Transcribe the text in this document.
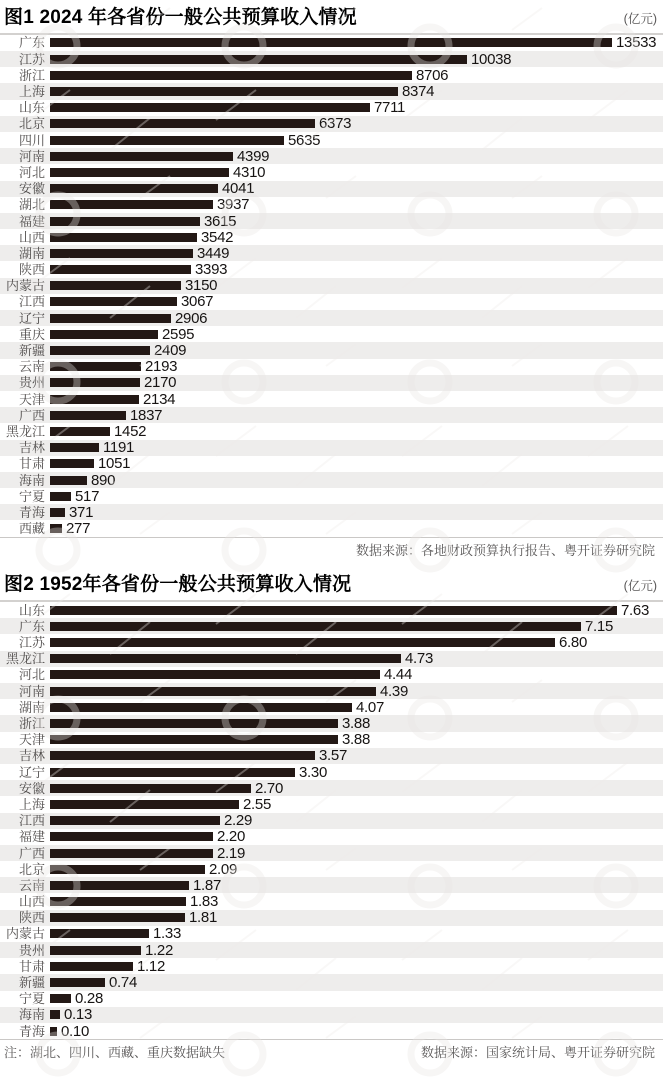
图1 2024 年各省份一般公共预算收入情况	(亿元)
广东	13533
江苏	10038
浙江	8706
上海	8374
山东	7711
北京	6373
四川	5635
河南	4399
河北	4310
安徽	4041
湖北	3937
福建	3615
山西	3542
湖南	3449
陕西	3393
内蒙古	3150
江西	3067
辽宁	2906
重庆	2595
新疆	2409
云南	2193
贵州	2170
天津	2134
广西	1837
黑龙江	1452
吉林	1191
甘肃	1051
海南	890
宁夏 517
青海 371
西藏 277
数据来源：各地财政预算执行报告、粤开证券研究院
图2 1952年各省份一般公共预算收入情况	(亿元)
山东	7.63
广东	7.15
江苏	6.80
黑龙江	4.73
河北	4.44
河南	4.39
湖南	4.07
浙江	3.88
天津	3.88
吉林	3.57
辽宁	3.30
安徽	2.70
上海	2.55
江西	2.29
福建	2.20
广西	2.19
北京	2.09
云南	1.87
山西	1.83
陕西	1.81
内蒙古	1.33
贵州	1.22
甘肃	1.12
新疆	0.74
宁夏 0.28
海南 0.13
青海 0.10
注：湖北、四川、西藏、重庆数据缺失	数据来源：国家统计局、粤开证券研究院
